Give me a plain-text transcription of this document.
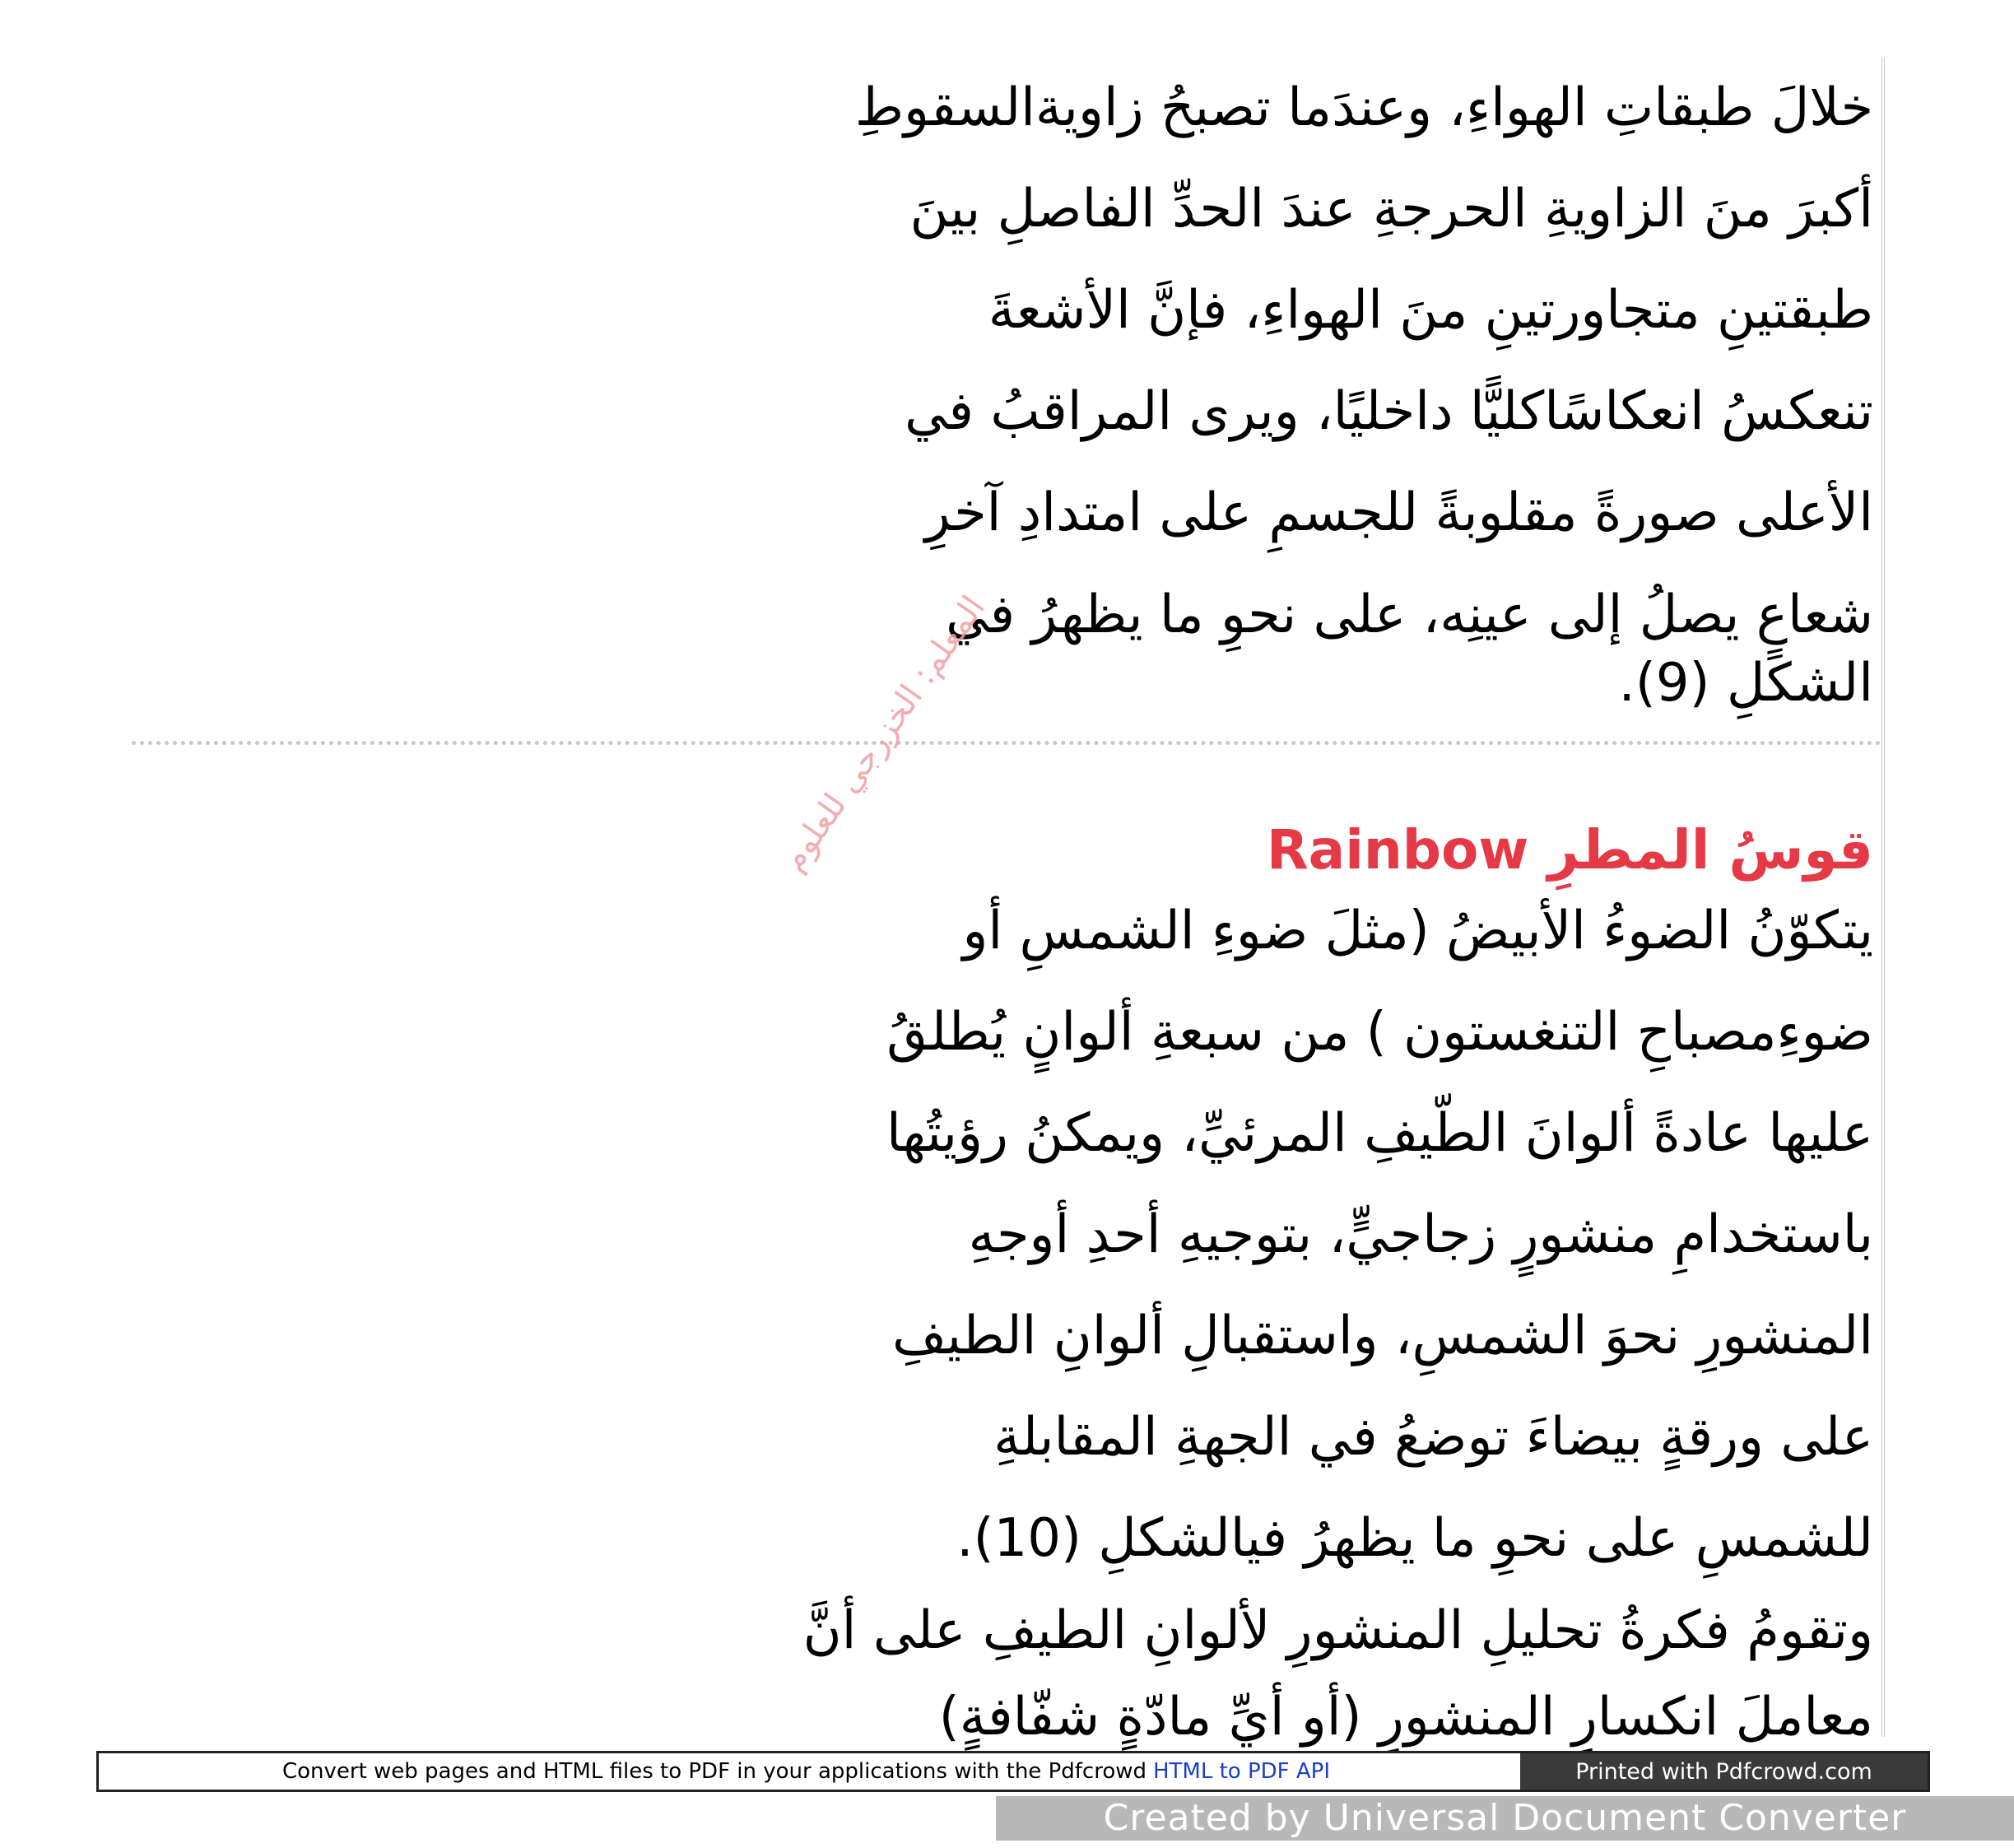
خلالَ طبقاتِ الهواءِ، وعندَما تصبحُ زاويةالسقوطِ
أكبرَ منَ الزاويةِ الحرجةِ عندَ الحدِّ الفاصلِ بينَ
طبقتينِ متجاورتينِ منَ الهواءِ، فإنَّ الأشعةَ
تنعكسُ انعكاسًاكليًّا داخليًا، ويرى المراقبُ في
الأعلى صورةً مقلوبةً للجسمِ على امتدادِ آخرِ
شعاعٍ يصلُ إلى عينِه، على نحوِ ما يظهرُ في
الشكلِ (9).
قوسُ المطرِ Rainbow
يتكوّنُ الضوءُ الأبيضُ (مثلَ ضوءِ الشمسِ أو
ضوءِمصباحِ التنغستون ) من سبعةِ ألوانٍ يُطلقُ
عليها عادةً ألوانَ الطّيفِ المرئيِّ، ويمكنُ رؤيتُها
باستخدامِ منشورٍ زجاجيٍّ، بتوجيهِ أحدِ أوجهِ
المنشورِ نحوَ الشمسِ، واستقبالِ ألوانِ الطيفِ
على ورقةٍ بيضاءَ توضعُ في الجهةِ المقابلةِ
للشمسِ على نحوِ ما يظهرُ فيالشكلِ (10).
وتقومُ فكرةُ تحليلِ المنشورِ لألوانِ الطيفِ على أنَّ
معاملَ انكسارِ المنشورِ (أو أيِّ مادّةٍ شفّافةٍ)
المعلم: الخزرجي للعلوم
Convert web pages and HTML files to PDF in your applications with the Pdfcrowd HTML to PDF API	Printed with Pdfcrowd.com
Created by Universal Document Converter
